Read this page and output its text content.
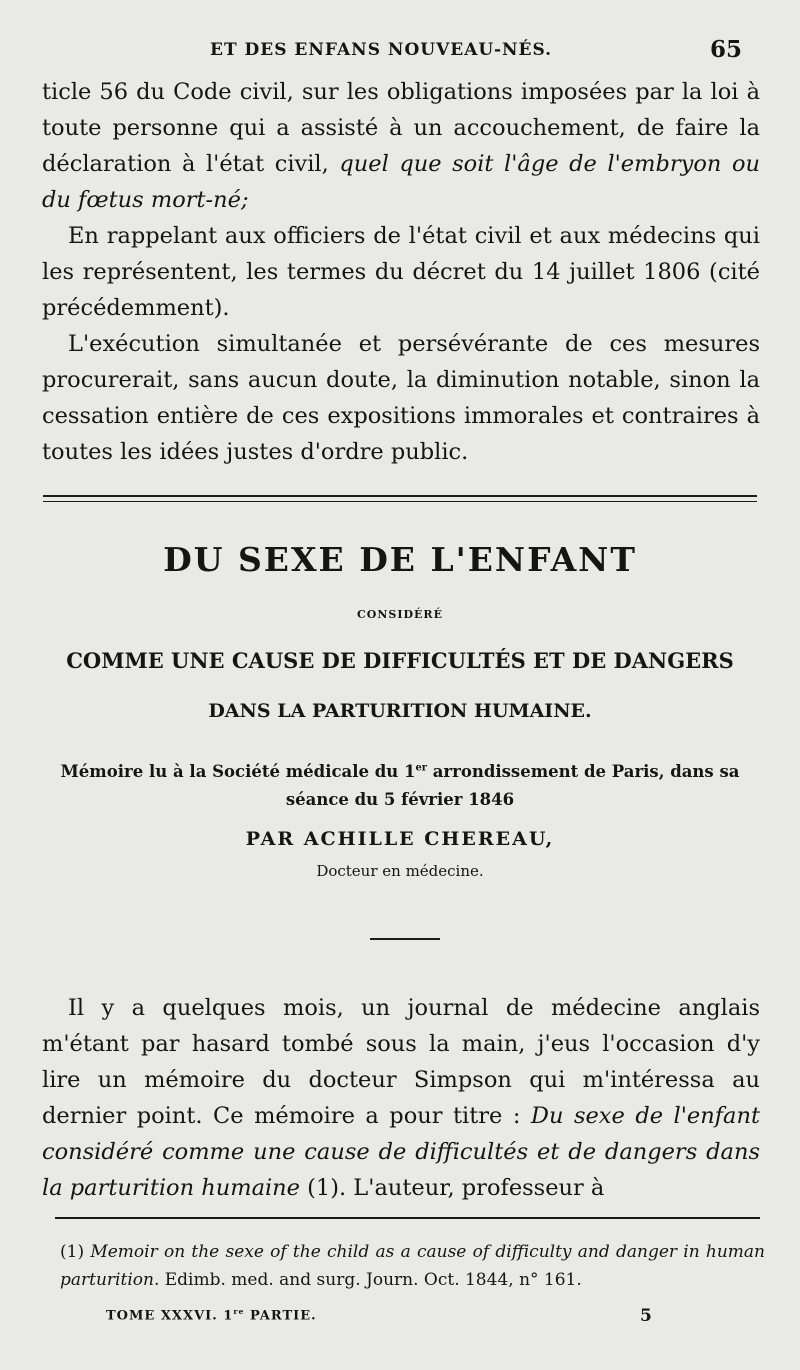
ET DES ENFANS NOUVEAU-NÉS.	65

ticle 56 du Code civil, sur les obligations imposées par la loi à toute personne qui a assisté à un accouchement, de faire la déclaration à l'état civil, quel que soit l'âge de l'embryon ou du fœtus mort-né;

En rappelant aux officiers de l'état civil et aux médecins qui les représentent, les termes du décret du 14 juillet 1806 (cité précédemment).

L'exécution simultanée et persévérante de ces mesures procurerait, sans aucun doute, la diminution notable, sinon la cessation entière de ces expositions immorales et contraires à toutes les idées justes d'ordre public.

DU SEXE DE L'ENFANT
CONSIDÉRÉ
COMME UNE CAUSE DE DIFFICULTÉS ET DE DANGERS
DANS LA PARTURITION HUMAINE.
Mémoire lu à la Société médicale du 1er arrondissement de Paris, dans sa
séance du 5 février 1846
PAR ACHILLE CHEREAU,
Docteur en médecine.

Il y a quelques mois, un journal de médecine anglais m'étant par hasard tombé sous la main, j'eus l'occasion d'y lire un mémoire du docteur Simpson qui m'intéressa au dernier point. Ce mémoire a pour titre : Du sexe de l'enfant considéré comme une cause de difficultés et de dangers dans la parturition humaine (1). L'auteur, professeur à

(1) Memoir on the sexe of the child as a cause of difficulty and danger in human parturition. Edimb. med. and surg. Journ. Oct. 1844, n° 161.
TOME XXXVI. 1re PARTIE.	5
